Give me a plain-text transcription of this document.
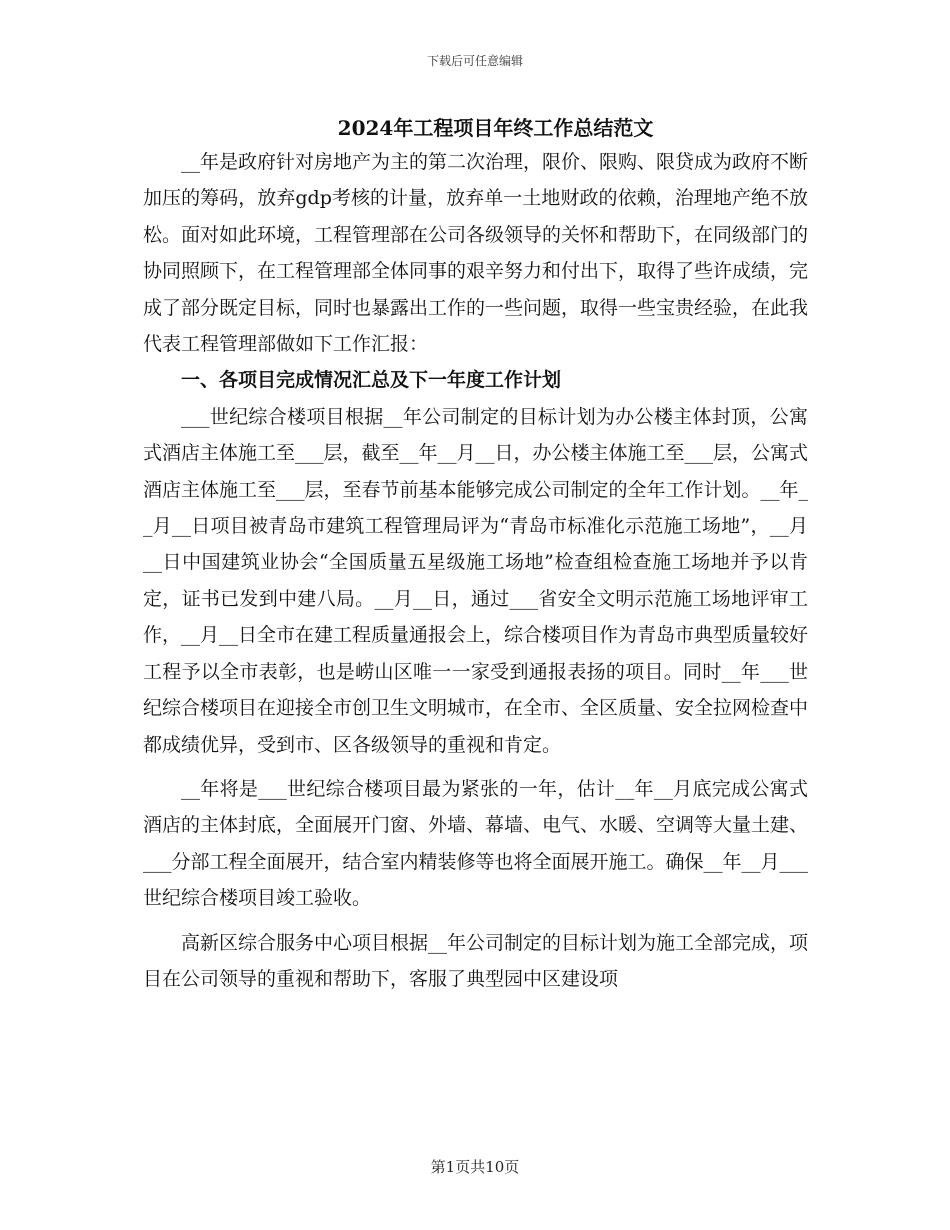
下载后可任意编辑
2024年工程项目年终工作总结范文

__年是政府针对房地产为主的第二次治理，限价、限购、限贷成为政府不断加压的筹码，放弃gdp考核的计量，放弃单一土地财政的依赖，治理地产绝不放松。面对如此环境，工程管理部在公司各级领导的关怀和帮助下，在同级部门的协同照顾下，在工程管理部全体同事的艰辛努力和付出下，取得了些许成绩，完成了部分既定目标，同时也暴露出工作的一些问题，取得一些宝贵经验，在此我代表工程管理部做如下工作汇报：

一、各项目完成情况汇总及下一年度工作计划

___世纪综合楼项目根据__年公司制定的目标计划为办公楼主体封顶，公寓式酒店主体施工至___层，截至__年__月__日，办公楼主体施工至___层，公寓式酒店主体施工至___层，至春节前基本能够完成公司制定的全年工作计划。__年__月__日项目被青岛市建筑工程管理局评为“青岛市标准化示范施工场地”，__月__日中国建筑业协会“全国质量五星级施工场地”检查组检查施工场地并予以肯定，证书已发到中建八局。__月__日，通过___省安全文明示范施工场地评审工作，__月__日全市在建工程质量通报会上，综合楼项目作为青岛市典型质量较好工程予以全市表彰，也是崂山区唯一一家受到通报表扬的项目。同时__年___世纪综合楼项目在迎接全市创卫生文明城市，在全市、全区质量、安全拉网检查中都成绩优异，受到市、区各级领导的重视和肯定。

__年将是___世纪综合楼项目最为紧张的一年，估计__年__月底完成公寓式酒店的主体封底，全面展开门窗、外墙、幕墙、电气、水暖、空调等大量土建、___分部工程全面展开，结合室内精装修等也将全面展开施工。确保__年__月___世纪综合楼项目竣工验收。

高新区综合服务中心项目根据__年公司制定的目标计划为施工全部完成，项目在公司领导的重视和帮助下，客服了典型园中区建设项

第1页共10页
